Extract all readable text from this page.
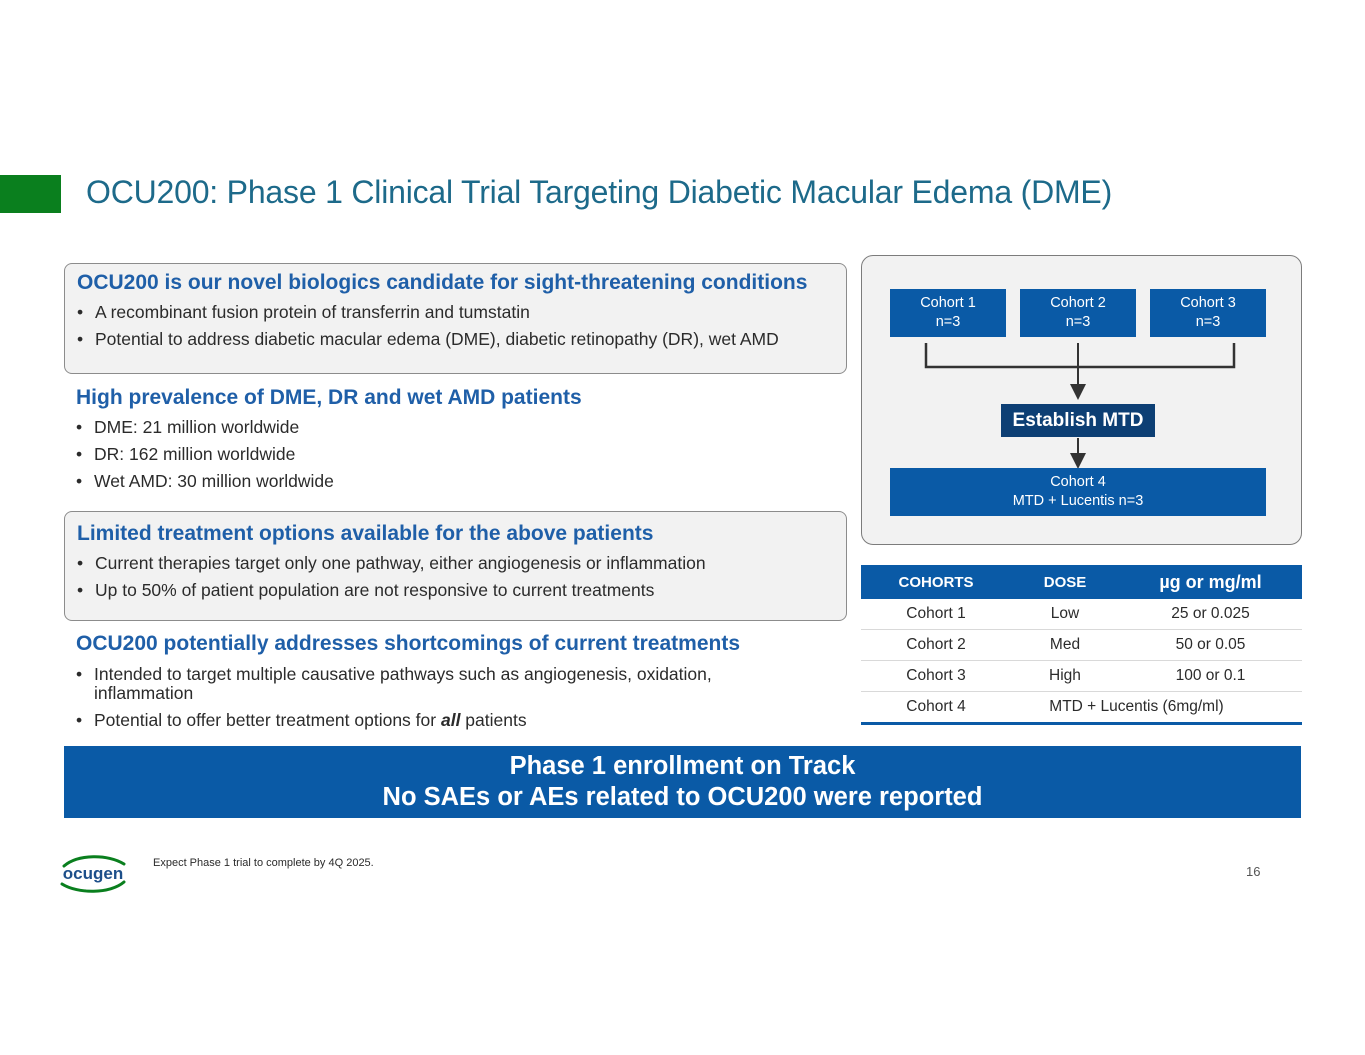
OCU200: Phase 1 Clinical Trial Targeting Diabetic Macular Edema (DME)
OCU200 is our novel biologics candidate for sight-threatening conditions
• A recombinant fusion protein of transferrin and tumstatin
• Potential to address diabetic macular edema (DME), diabetic retinopathy (DR), wet AMD
High prevalence of DME, DR and wet AMD patients
• DME: 21 million worldwide
• DR: 162 million worldwide
• Wet AMD: 30 million worldwide
Limited treatment options available for the above patients
• Current therapies target only one pathway, either angiogenesis or inflammation
• Up to 50% of patient population are not responsive to current treatments
OCU200 potentially addresses shortcomings of current treatments
• Intended to target multiple causative pathways such as angiogenesis, oxidation, inflammation
• Potential to offer better treatment options for all patients
Cohort 1
n=3
Cohort 2
n=3
Cohort 3
n=3
Establish MTD
Cohort 4
MTD + Lucentis n=3
COHORTS	DOSE	µg or mg/ml
Cohort 1	Low	25 or 0.025
Cohort 2	Med	50 or 0.05
Cohort 3	High	100 or 0.1
Cohort 4	MTD + Lucentis (6mg/ml)	
Phase 1 enrollment on Track
No SAEs or AEs related to OCU200 were reported
ocugen
Expect Phase 1 trial to complete by 4Q 2025.
16
